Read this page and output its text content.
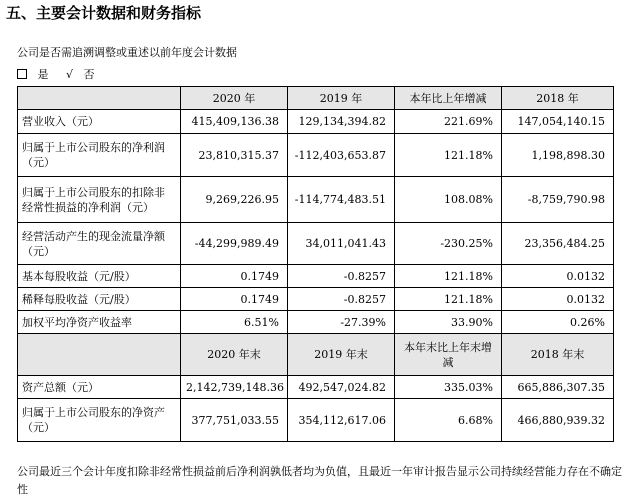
五、主要会计数据和财务指标
公司是否需追溯调整或重述以前年度会计数据
是 √ 否
	2020 年	2019 年	本年比上年增减	2018 年
营业收入（元）	415,409,136.38	129,134,394.82	221.69%	147,054,140.15
归属于上市公司股东的净利润（元）	23,810,315.37	-112,403,653.87	121.18%	1,198,898.30
归属于上市公司股东的扣除非经常性损益的净利润（元）	9,269,226.95	-114,774,483.51	108.08%	-8,759,790.98
经营活动产生的现金流量净额（元）	-44,299,989.49	34,011,041.43	-230.25%	23,356,484.25
基本每股收益（元/股）	0.1749	-0.8257	121.18%	0.0132
稀释每股收益（元/股）	0.1749	-0.8257	121.18%	0.0132
加权平均净资产收益率	6.51%	-27.39%	33.90%	0.26%
	2020 年末	2019 年末	本年末比上年末增减	2018 年末
资产总额（元）	2,142,739,148.36	492,547,024.82	335.03%	665,886,307.35
归属于上市公司股东的净资产（元）	377,751,033.55	354,112,617.06	6.68%	466,880,939.32
公司最近三个会计年度扣除非经常性损益前后净利润孰低者均为负值，且最近一年审计报告显示公司持续经营能力存在不确定性
